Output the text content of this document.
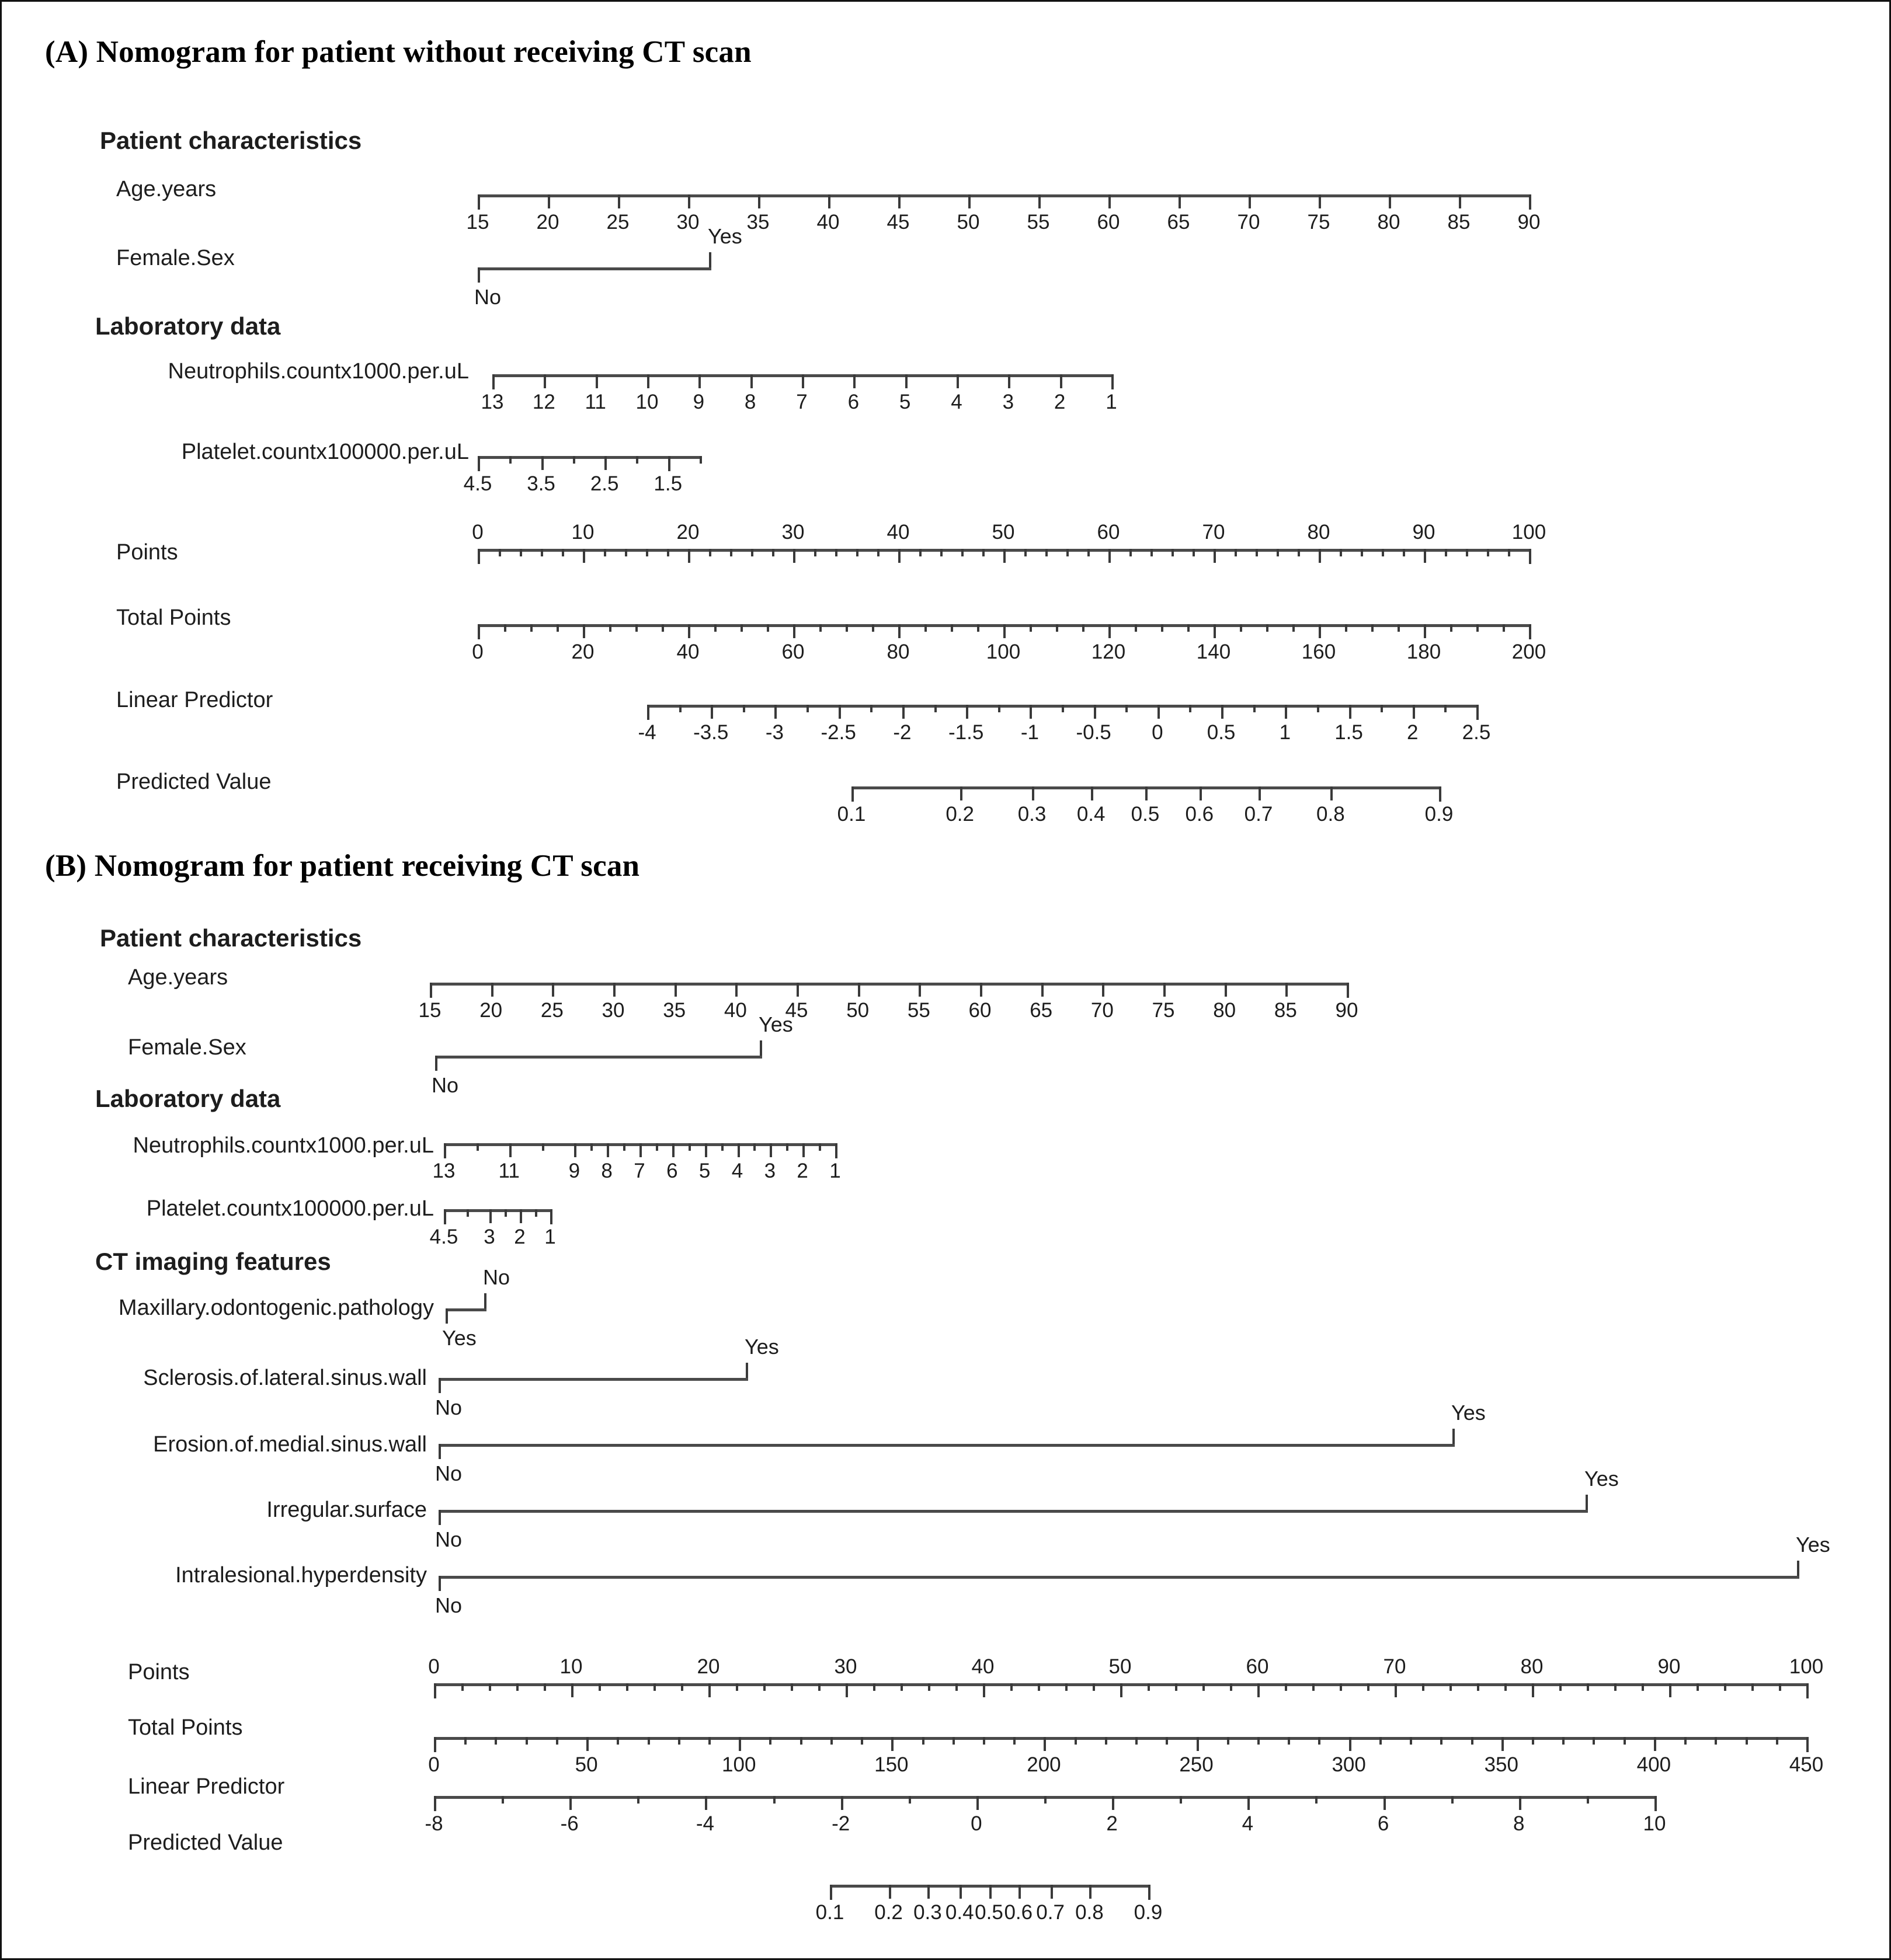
(A) Nomogram for patient without receiving CT scan
Patient characteristics
Age.years
Female.Sex
Laboratory data
Neutrophils.countx1000.per.uL
Platelet.countx100000.per.uL
Points
Total Points
Linear Predictor
Predicted Value
15 20 25 30 35 40 45 50 55 60 65 70 75 80 85 90
No
Yes
13 12 11 10 9 8 7 6 5 4 3 2 1
4.5 3.5 2.5 1.5
0	10	20	30	40	50	60	70	80	90	100
0	20	40	60	80	100	120	140	160	180	200
-4 -3.5 -3 -2.5 -2 -1.5 -1 -0.5 0 0.5 1 1.5 2 2.5
0.1	0.2 0.3 0.4 0.5 0.6 0.7 0.8	0.9
(B) Nomogram for patient receiving CT scan
Patient characteristics
Age.years
Female.Sex
Laboratory data
Neutrophils.countx1000.per.uL
Platelet.countx100000.per.uL
CT imaging features
Maxillary.odontogenic.pathology
Sclerosis.of.lateral.sinus.wall
Erosion.of.medial.sinus.wall
Irregular.surface
Intralesional.hyperdensity
Points
Total Points
Linear Predictor
Predicted Value
15 20 25 30 35 40 45 50 55 60 65 70 75 80 85 90
No
Yes
13 11 9 8 7 6 5 4 3 2 1
4.5 3 2 1
Yes
No
No
Yes
No
Yes
No
Yes
No
Yes
0	10	20	30	40	50	60	70	80	90	100
0	50	100	150	200	250	300	350	400	450
-8	-6	-4	-2	0	2	4	6	8	10
0.1 0.2 0.3 0.4 0.5 0.6 0.7 0.8 0.9
